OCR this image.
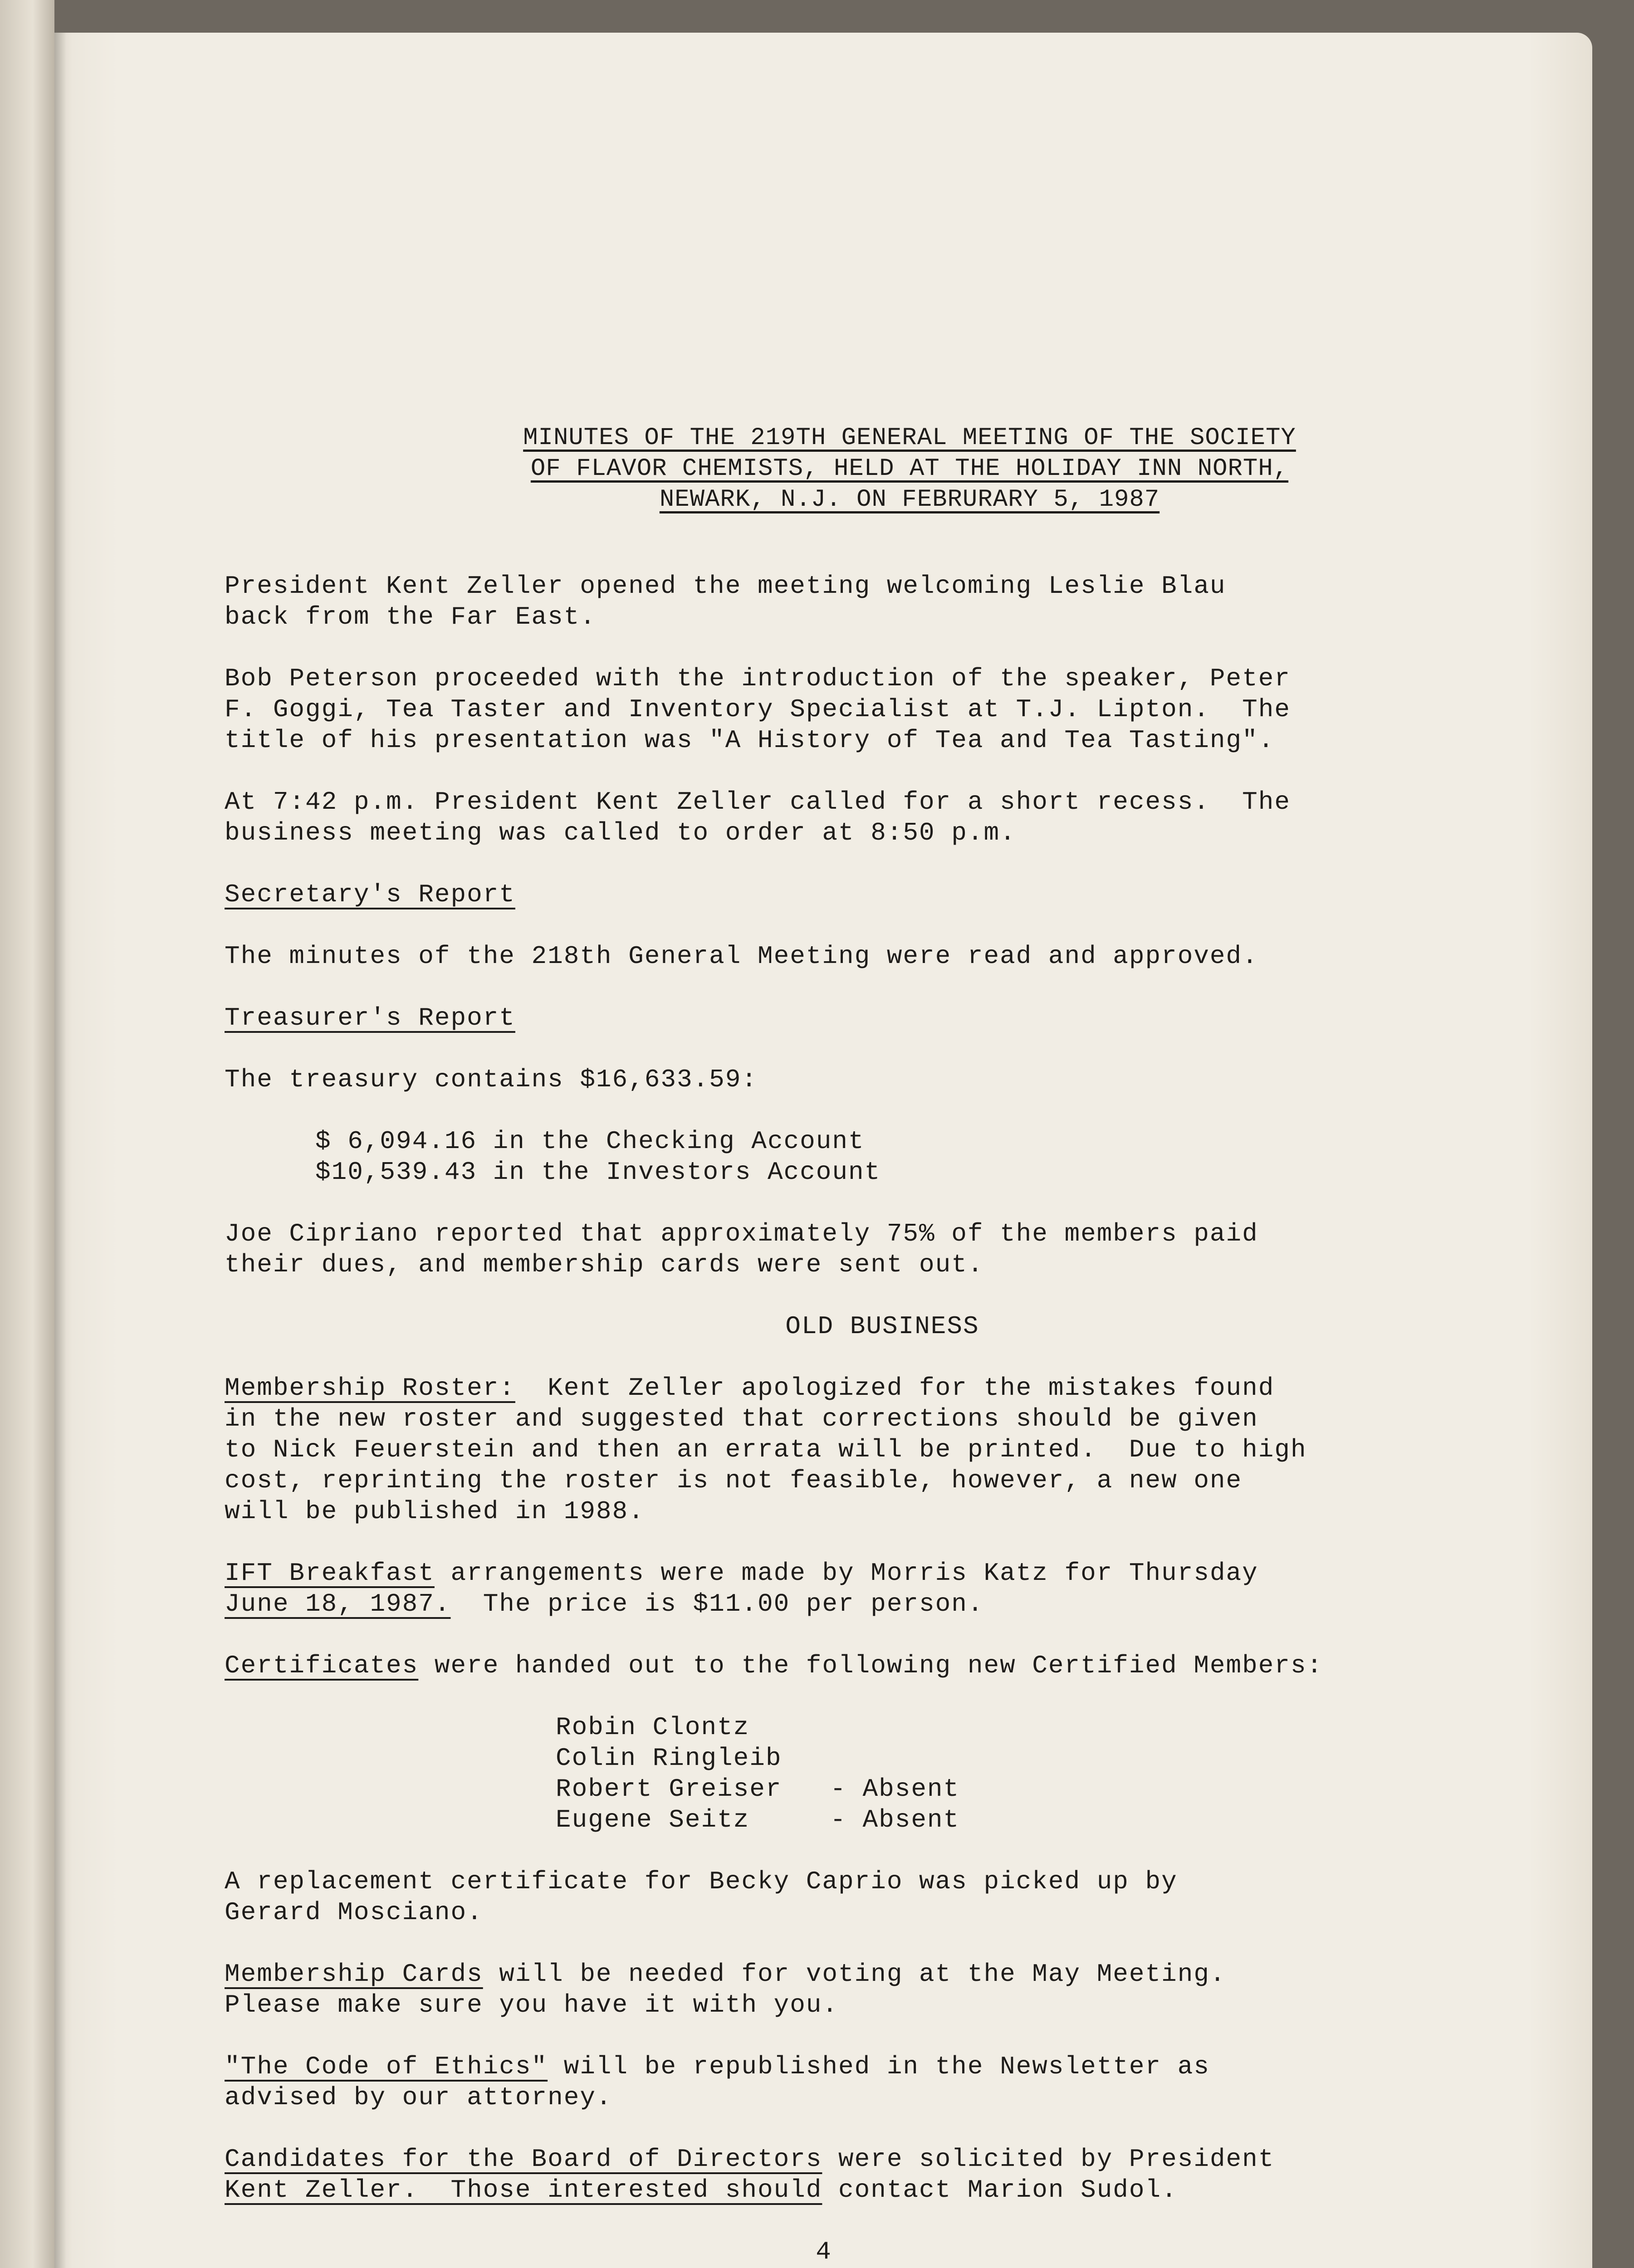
MINUTES OF THE 219TH GENERAL MEETING OF THE SOCIETY
OF FLAVOR CHEMISTS, HELD AT THE HOLIDAY INN NORTH,
NEWARK, N.J. ON FEBRURARY 5, 1987

President Kent Zeller opened the meeting welcoming Leslie Blau
back from the Far East.
Bob Peterson proceeded with the introduction of the speaker, Peter
F. Goggi, Tea Taster and Inventory Specialist at T.J. Lipton.  The
title of his presentation was "A History of Tea and Tea Tasting".
At 7:42 p.m. President Kent Zeller called for a short recess.  The
business meeting was called to order at 8:50 p.m.
Secretary's Report
The minutes of the 218th General Meeting were read and approved.
Treasurer's Report
The treasury contains $16,633.59:
$ 6,094.16 in the Checking Account
$10,539.43 in the Investors Account
Joe Cipriano reported that approximately 75% of the members paid
their dues, and membership cards were sent out.
OLD BUSINESS
Membership Roster:  Kent Zeller apologized for the mistakes found
in the new roster and suggested that corrections should be given
to Nick Feuerstein and then an errata will be printed.  Due to high
cost, reprinting the roster is not feasible, however, a new one
will be published in 1988.
IFT Breakfast arrangements were made by Morris Katz for Thursday
June 18, 1987.  The price is $11.00 per person.
Certificates were handed out to the following new Certified Members:
Robin Clontz
Colin Ringleib
Robert Greiser   - Absent
Eugene Seitz     - Absent
A replacement certificate for Becky Caprio was picked up by
Gerard Mosciano.
Membership Cards will be needed for voting at the May Meeting.
Please make sure you have it with you.
"The Code of Ethics" will be republished in the Newsletter as
advised by our attorney.
Candidates for the Board of Directors were solicited by President
Kent Zeller.  Those interested should contact Marion Sudol.
4
